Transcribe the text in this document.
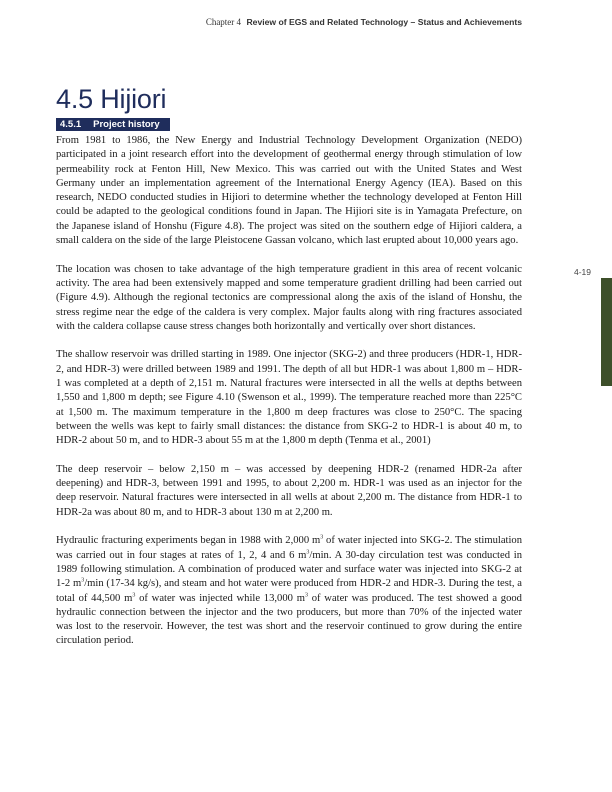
Chapter 4 Review of EGS and Related Technology – Status and Achievements
4.5 Hijiori
4.5.1 Project history

From 1981 to 1986, the New Energy and Industrial Technology Development Organization (NEDO) participated in a joint research effort into the development of geothermal energy through stimulation of low permeability rock at Fenton Hill, New Mexico. This was carried out with the United States and West Germany under an implementation agreement of the International Energy Agency (IEA). Based on this research, NEDO conducted studies in Hijiori to determine whether the technology developed at Fenton Hill could be adapted to the geological conditions found in Japan. The Hijiori site is in Yamagata Prefecture, on the Japanese island of Honshu (Figure 4.8). The project was sited on the southern edge of Hijiori caldera, a small caldera on the side of the large Pleistocene Gassan volcano, which last erupted about 10,000 years ago.

The location was chosen to take advantage of the high temperature gradient in this area of recent volcanic activity. The area had been extensively mapped and some temperature gradient drilling had been carried out (Figure 4.9). Although the regional tectonics are compressional along the axis of the island of Honshu, the stress regime near the edge of the caldera is very complex. Major faults along with ring fractures associated with the caldera collapse cause stress changes both horizontally and vertically over short distances.

The shallow reservoir was drilled starting in 1989. One injector (SKG-2) and three producers (HDR-1, HDR-2, and HDR-3) were drilled between 1989 and 1991. The depth of all but HDR-1 was about 1,800 m – HDR-1 was completed at a depth of 2,151 m. Natural fractures were intersected in all the wells at depths between 1,550 and 1,800 m depth; see Figure 4.10 (Swenson et al., 1999). The temperature reached more than 225°C at 1,500 m. The maximum temperature in the 1,800 m deep fractures was close to 250°C. The spacing between the wells was kept to fairly small distances: the distance from SKG-2 to HDR-1 is about 40 m, to HDR-2 about 50 m, and to HDR-3 about 55 m at the 1,800 m depth (Tenma et al., 2001)

The deep reservoir – below 2,150 m – was accessed by deepening HDR-2 (renamed HDR-2a after deepening) and HDR-3, between 1991 and 1995, to about 2,200 m. HDR-1 was used as an injector for the deep reservoir. Natural fractures were intersected in all wells at about 2,200 m. The distance from HDR-1 to HDR-2a was about 80 m, and to HDR-3 about 130 m at 2,200 m.

Hydraulic fracturing experiments began in 1988 with 2,000 $m^3$ of water injected into SKG-2. The stimulation was carried out in four stages at rates of 1, 2, 4 and 6 $m^3/\min$. A 30-day circulation test was conducted in 1989 following stimulation. A combination of produced water and surface water was injected into SKG-2 at 1-2 $m^3/\min$ (17-34 kg/s), and steam and hot water were produced from HDR-2 and HDR-3. During the test, a total of 44,500 $m^3$ of water was injected while 13,000 $m^3$ of water was produced. The test showed a good hydraulic connection between the injector and the two producers, but more than 70% of the injected water was lost to the reservoir. However, the test was short and the reservoir continued to grow during the entire circulation period.

4-19
